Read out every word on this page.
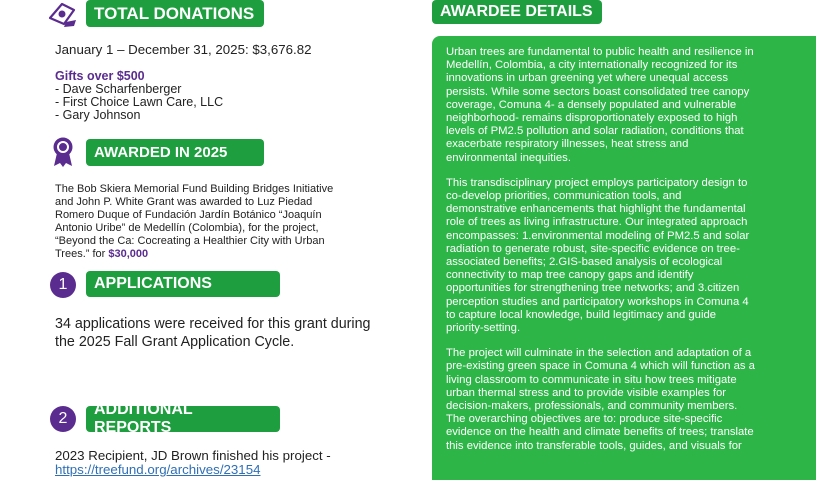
TOTAL DONATIONS
January 1 – December 31, 2025: $3,676.82
Gifts over $500
- Dave Scharfenberger
- First Choice Lawn Care, LLC
- Gary Johnson
AWARDED IN 2025
The Bob Skiera Memorial Fund Building Bridges Initiative
and John P. White Grant was awarded to Luz Piedad
Romero Duque of Fundación Jardín Botánico “Joaquín
Antonio Uribe” de Medellín (Colombia), for the project,
“Beyond the Ca: Cocreating a Healthier City with Urban
Trees.” for $30,000
1	APPLICATIONS
34 applications were received for this grant during
the 2025 Fall Grant Application Cycle.
2
ADDITIONAL REPORTS
2023 Recipient, JD Brown finished his project -
https://treefund.org/archives/23154
AWARDEE DETAILS

Urban trees are fundamental to public health and resilience in
Medellín, Colombia, a city internationally recognized for its
innovations in urban greening yet where unequal access
persists. While some sectors boast consolidated tree canopy
coverage, Comuna 4- a densely populated and vulnerable
neighborhood- remains disproportionately exposed to high
levels of PM2.5 pollution and solar radiation, conditions that
exacerbate respiratory illnesses, heat stress and
environmental inequities.

This transdisciplinary project employs participatory design to
co-develop priorities, communication tools, and
demonstrative enhancements that highlight the fundamental
role of trees as living infrastructure. Our integrated approach
encompasses: 1.environmental modeling of PM2.5 and solar
radiation to generate robust, site-specific evidence on tree-
associated benefits; 2.GIS-based analysis of ecological
connectivity to map tree canopy gaps and identify
opportunities for strengthening tree networks; and 3.citizen
perception studies and participatory workshops in Comuna 4
to capture local knowledge, build legitimacy and guide
priority-setting.

The project will culminate in the selection and adaptation of a
pre-existing green space in Comuna 4 which will function as a
living classroom to communicate in situ how trees mitigate
urban thermal stress and to provide visible examples for
decision-makers, professionals, and community members.
The overarching objectives are to: produce site-specific
evidence on the health and climate benefits of trees; translate
this evidence into transferable tools, guides, and visuals for
